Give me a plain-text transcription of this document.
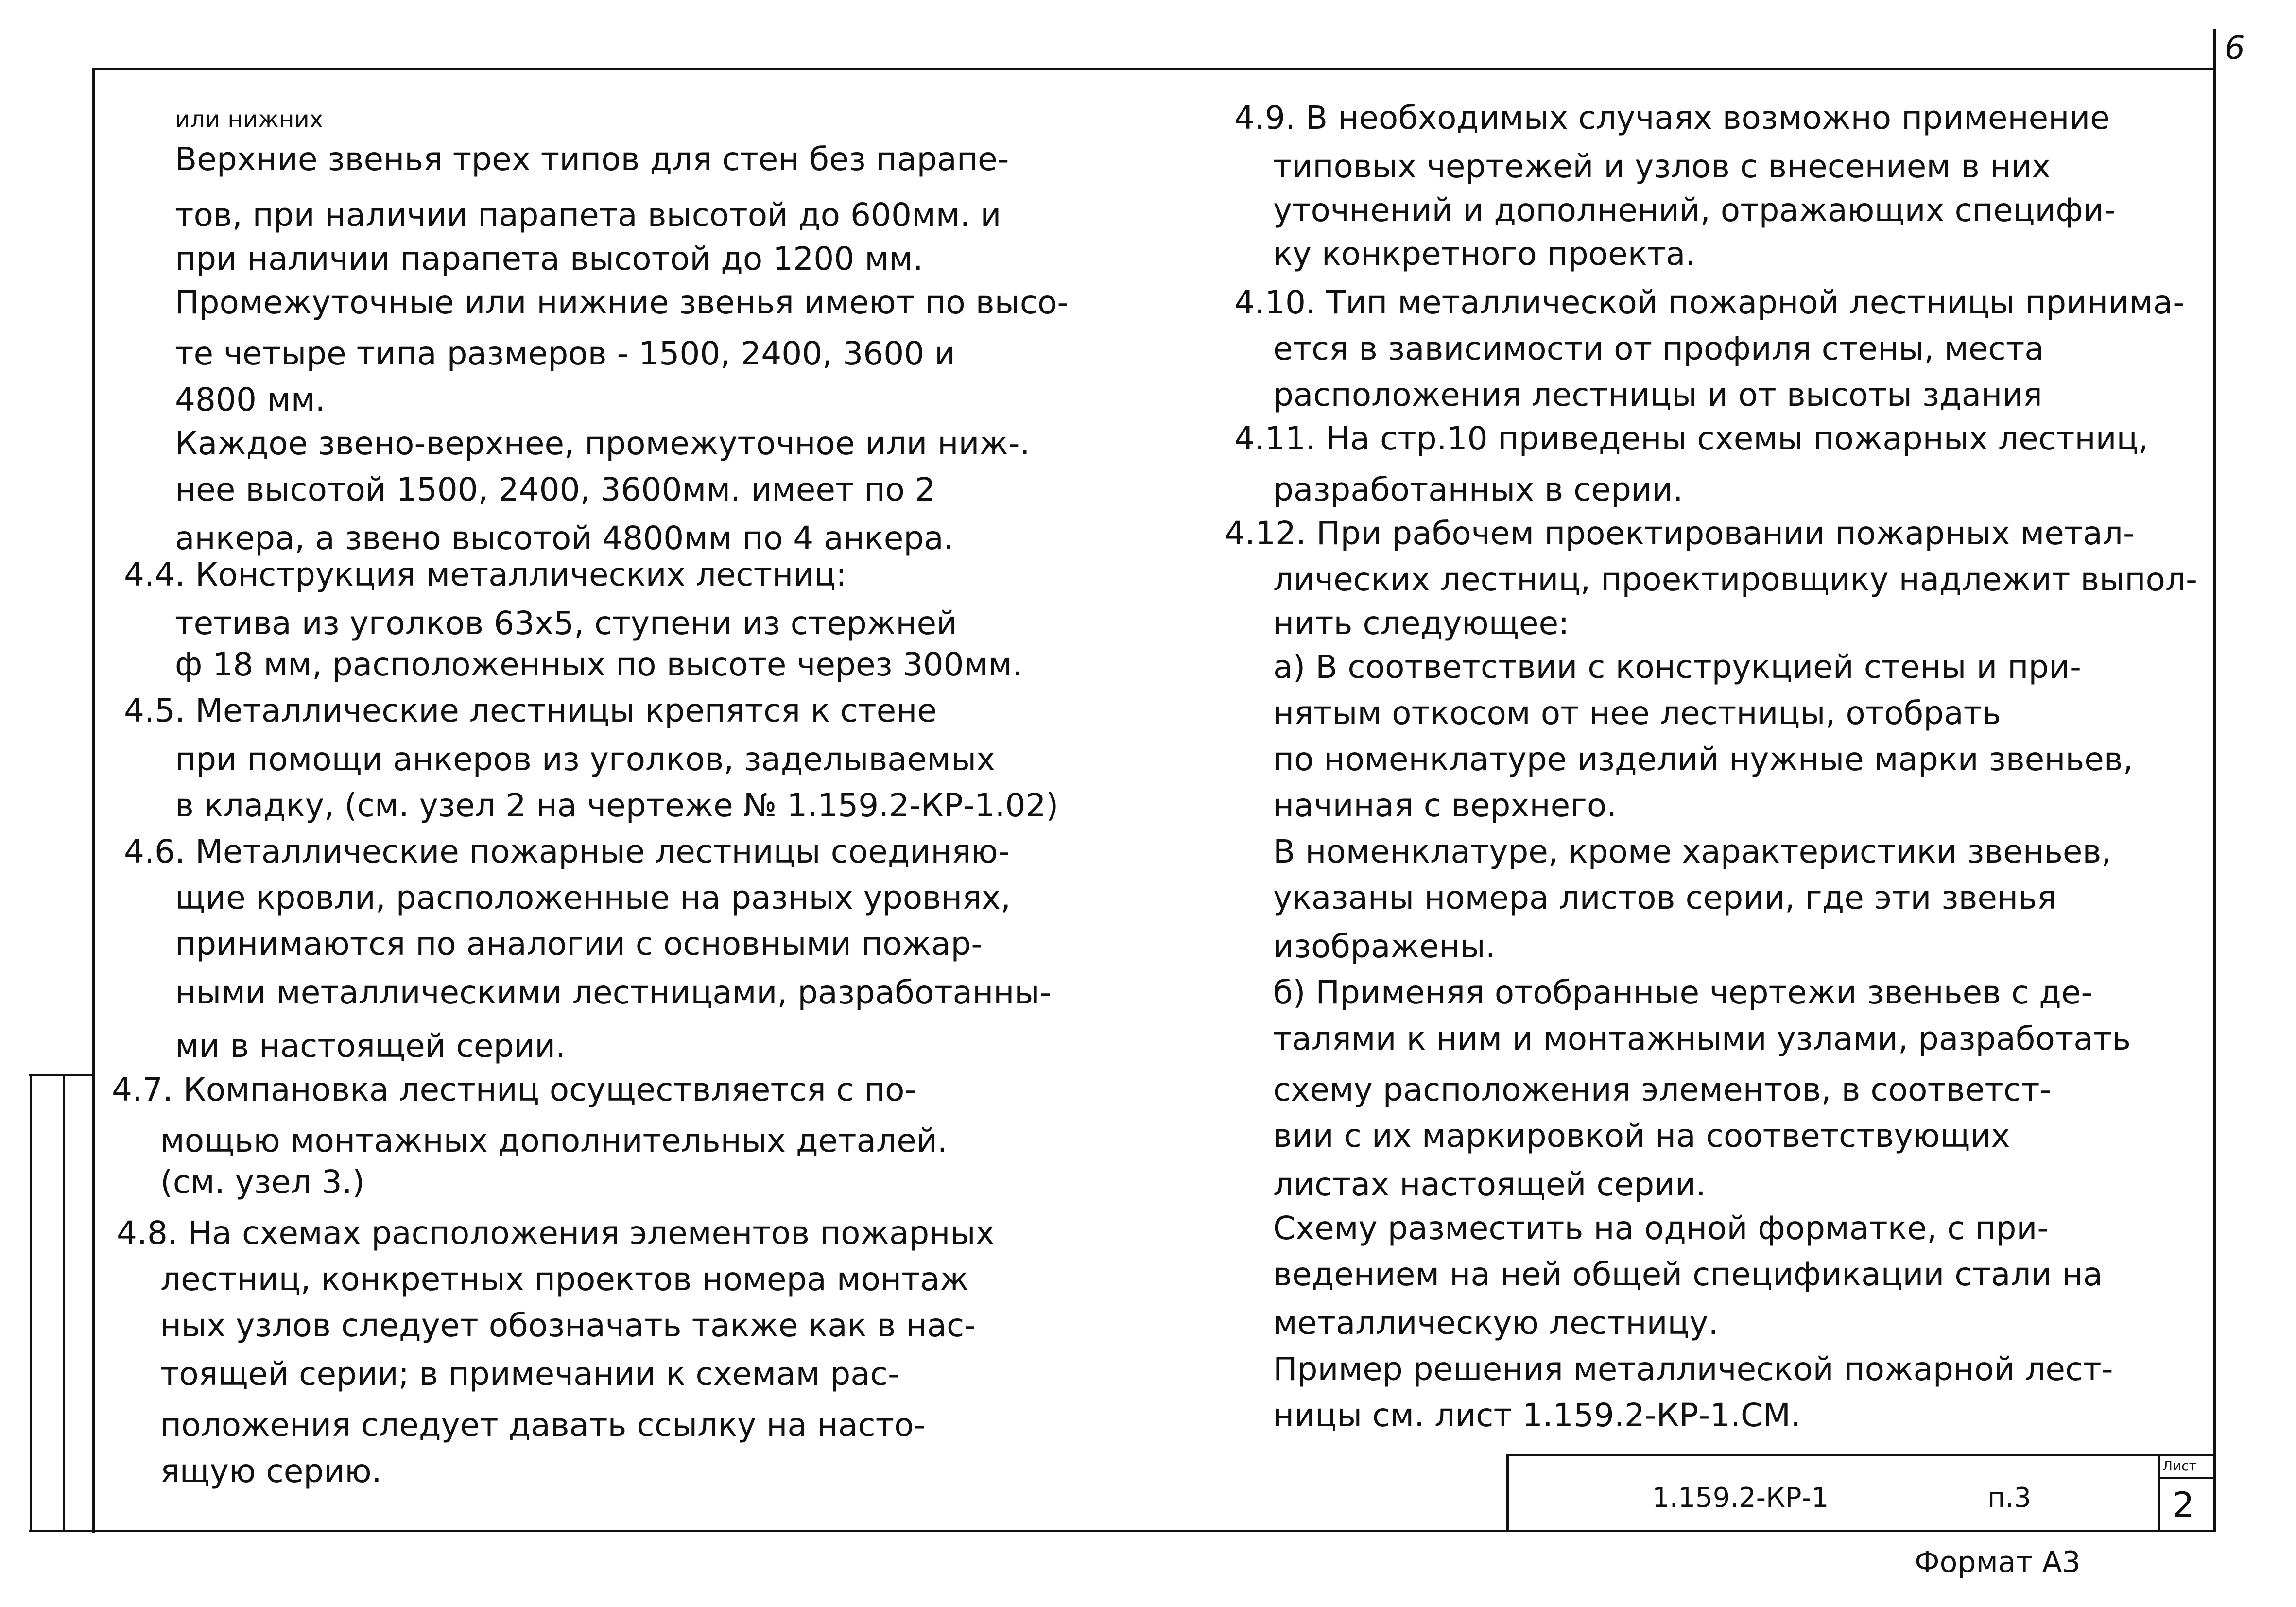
6
или нижних
Верхние звенья трех типов для стен без парапе-
тов, при наличии парапета высотой до 600мм. и
при наличии парапета высотой до 1200 мм.
Промежуточные или нижние звенья имеют по высо-
те четыре типа размеров - 1500, 2400, 3600 и
4800 мм.
Каждое звено-верхнее, промежуточное или ниж-.
нее высотой 1500, 2400, 3600мм. имеет по 2
анкера, а звено высотой 4800мм по 4 анкера.
4.4. Конструкция металлических лестниц:
тетива из уголков 63х5, ступени из стержней
ф 18 мм, расположенных по высоте через 300мм.
4.5. Металлические лестницы крепятся к стене
при помощи анкеров из уголков, заделываемых
в кладку, (см. узел 2 на чертеже № 1.159.2-КР-1.02)
4.6. Металлические пожарные лестницы соединяю-
щие кровли, расположенные на разных уровнях,
принимаются по аналогии с основными пожар-
ными металлическими лестницами, разработанны-
ми в настоящей серии.
4.7. Компановка лестниц осуществляется с по-
мощью монтажных дополнительных деталей.
(см. узел 3.)
4.8. На схемах расположения элементов пожарных
лестниц, конкретных проектов номера монтаж
ных узлов следует обозначать также как в нас-
тоящей серии; в примечании к схемам рас-
положения следует давать ссылку на насто-
ящую серию.
4.9. В необходимых случаях возможно применение
типовых чертежей и узлов с внесением в них
уточнений и дополнений, отражающих специфи-
ку конкретного проекта.
4.10. Тип металлической пожарной лестницы принима-
ется в зависимости от профиля стены, места
расположения лестницы и от высоты здания
4.11. На стр.10 приведены схемы пожарных лестниц,
разработанных в серии.
4.12. При рабочем проектировании пожарных метал-
лических лестниц, проектировщику надлежит выпол-
нить следующее:
а) В соответствии с конструкцией стены и при-
нятым откосом от нее лестницы, отобрать
по номенклатуре изделий нужные марки звеньев,
начиная с верхнего.
В номенклатуре, кроме характеристики звеньев,
указаны номера листов серии, где эти звенья
изображены.
б) Применяя отобранные чертежи звеньев с де-
талями к ним и монтажными узлами, разработать
схему расположения элементов, в соответст-
вии с их маркировкой на соответствующих
листах настоящей серии.
Схему разместить на одной форматке, с при-
ведением на ней общей спецификации стали на
металлическую лестницу.
Пример решения металлической пожарной лест-
ницы см. лист 1.159.2-КР-1.СМ.
1.159.2-КР-1	п.3
Лист
2
Формат А3
